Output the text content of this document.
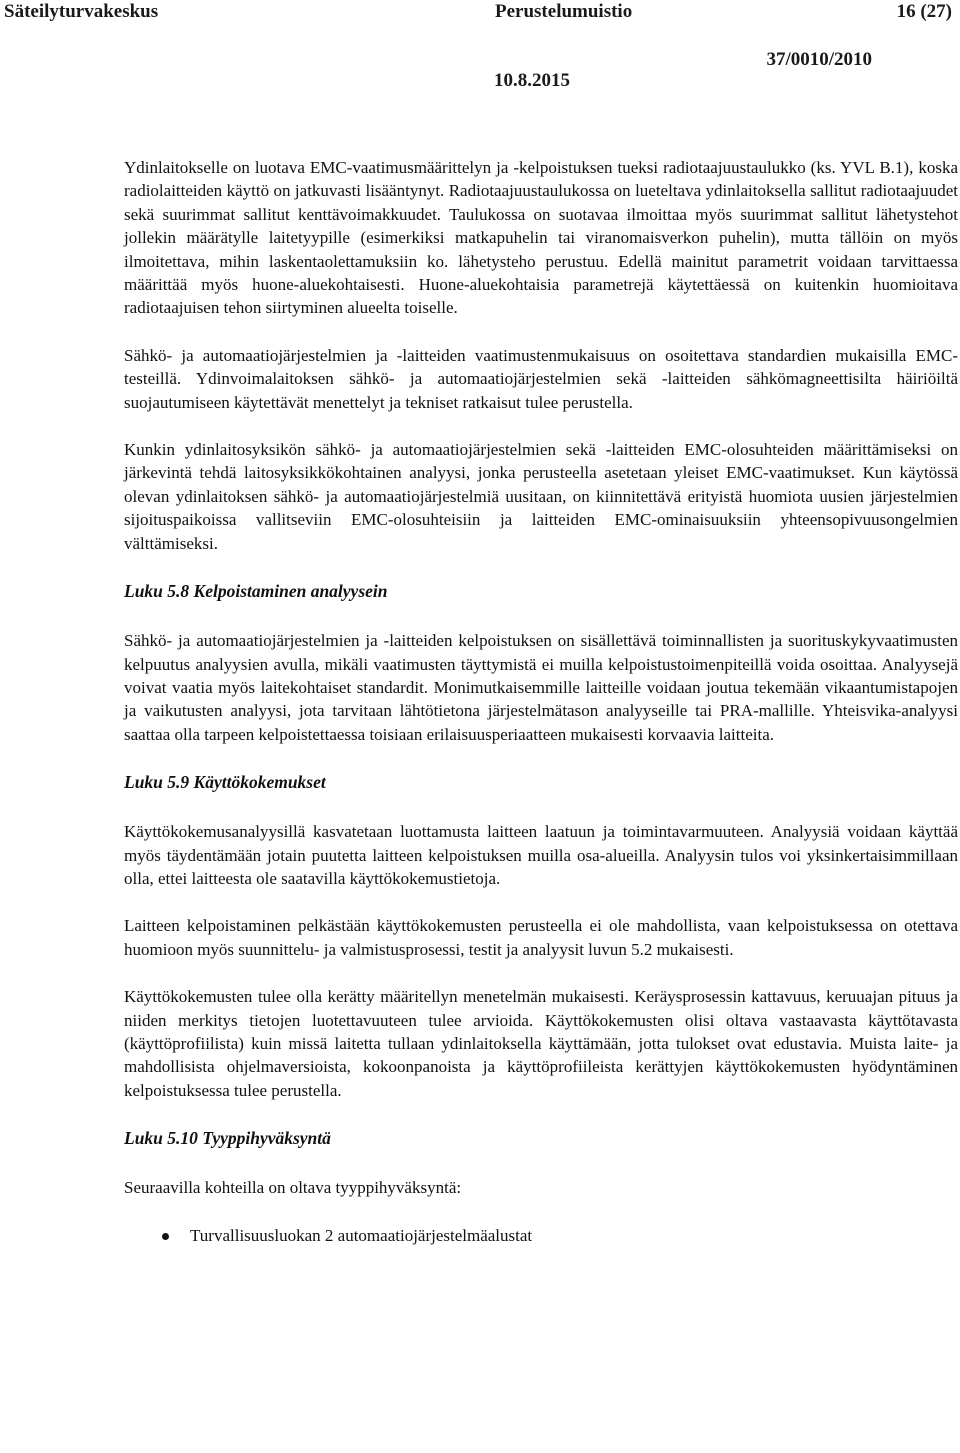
Säteilyturvakeskus	Perustelumuistio	16 (27)
37/0010/2010
10.8.2015

Ydinlaitokselle on luotava EMC-vaatimusmäärittelyn ja -kelpoistuksen tueksi radiotaajuustaulukko (ks. YVL B.1), koska radiolaitteiden käyttö on jatkuvasti lisääntynyt. Radiotaajuustaulukossa on lueteltava ydinlaitoksella sallitut radiotaajuudet sekä suurimmat sallitut kenttävoimakkuudet. Taulukossa on suotavaa ilmoittaa myös suurimmat sallitut lähetystehot jollekin määrätylle laitetyypille (esimerkiksi matkapuhelin tai viranomaisverkon puhelin), mutta tällöin on myös ilmoitettava, mihin laskentaolettamuksiin ko. lähetysteho perustuu. Edellä mainitut parametrit voidaan tarvittaessa määrittää myös huone-aluekohtaisesti. Huone-aluekohtaisia parametrejä käytettäessä on kuitenkin huomioitava radiotaajuisen tehon siirtyminen alueelta toiselle.

Sähkö- ja automaatiojärjestelmien ja -laitteiden vaatimustenmukaisuus on osoitettava standardien mukaisilla EMC-testeillä. Ydinvoimalaitoksen sähkö- ja automaatiojärjestelmien sekä -laitteiden sähkömagneettisilta häiriöiltä suojautumiseen käytettävät menettelyt ja tekniset ratkaisut tulee perustella.

Kunkin ydinlaitosyksikön sähkö- ja automaatiojärjestelmien sekä -laitteiden EMC-olosuhteiden määrittämiseksi on järkevintä tehdä laitosyksikkökohtainen analyysi, jonka perusteella asetetaan yleiset EMC-vaatimukset. Kun käytössä olevan ydinlaitoksen sähkö- ja automaatiojärjestelmiä uusitaan, on kiinnitettävä erityistä huomiota uusien järjestelmien sijoituspaikoissa vallitseviin EMC-olosuhteisiin ja laitteiden EMC-ominaisuuksiin yhteensopivuusongelmien välttämiseksi.

Luku 5.8 Kelpoistaminen analyysein

Sähkö- ja automaatiojärjestelmien ja -laitteiden kelpoistuksen on sisällettävä toiminnallisten ja suorituskykyvaatimusten kelpuutus analyysien avulla, mikäli vaatimusten täyttymistä ei muilla kelpoistustoimenpiteillä voida osoittaa. Analyysejä voivat vaatia myös laitekohtaiset standardit. Monimutkaisemmille laitteille voidaan joutua tekemään vikaantumistapojen ja vaikutusten analyysi, jota tarvitaan lähtötietona järjestelmätason analyyseille tai PRA-mallille. Yhteisvika-analyysi saattaa olla tarpeen kelpoistettaessa toisiaan erilaisuusperiaatteen mukaisesti korvaavia laitteita.

Luku 5.9 Käyttökokemukset

Käyttökokemusanalyysillä kasvatetaan luottamusta laitteen laatuun ja toimintavarmuuteen. Analyysiä voidaan käyttää myös täydentämään jotain puutetta laitteen kelpoistuksen muilla osa-alueilla. Analyysin tulos voi yksinkertaisimmillaan olla, ettei laitteesta ole saatavilla käyttökokemustietoja.

Laitteen kelpoistaminen pelkästään käyttökokemusten perusteella ei ole mahdollista, vaan kelpoistuksessa on otettava huomioon myös suunnittelu- ja valmistusprosessi, testit ja analyysit luvun 5.2 mukaisesti.

Käyttökokemusten tulee olla kerätty määritellyn menetelmän mukaisesti. Keräysprosessin kattavuus, keruuajan pituus ja niiden merkitys tietojen luotettavuuteen tulee arvioida. Käyttökokemusten olisi oltava vastaavasta käyttötavasta (käyttöprofiilista) kuin missä laitetta tullaan ydinlaitoksella käyttämään, jotta tulokset ovat edustavia. Muista laite- ja mahdollisista ohjelmaversioista, kokoonpanoista ja käyttöprofiileista kerättyjen käyttökokemusten hyödyntäminen kelpoistuksessa tulee perustella.

Luku 5.10 Tyyppihyväksyntä

Seuraavilla kohteilla on oltava tyyppihyväksyntä:

Turvallisuusluokan 2 automaatiojärjestelmäalustat
